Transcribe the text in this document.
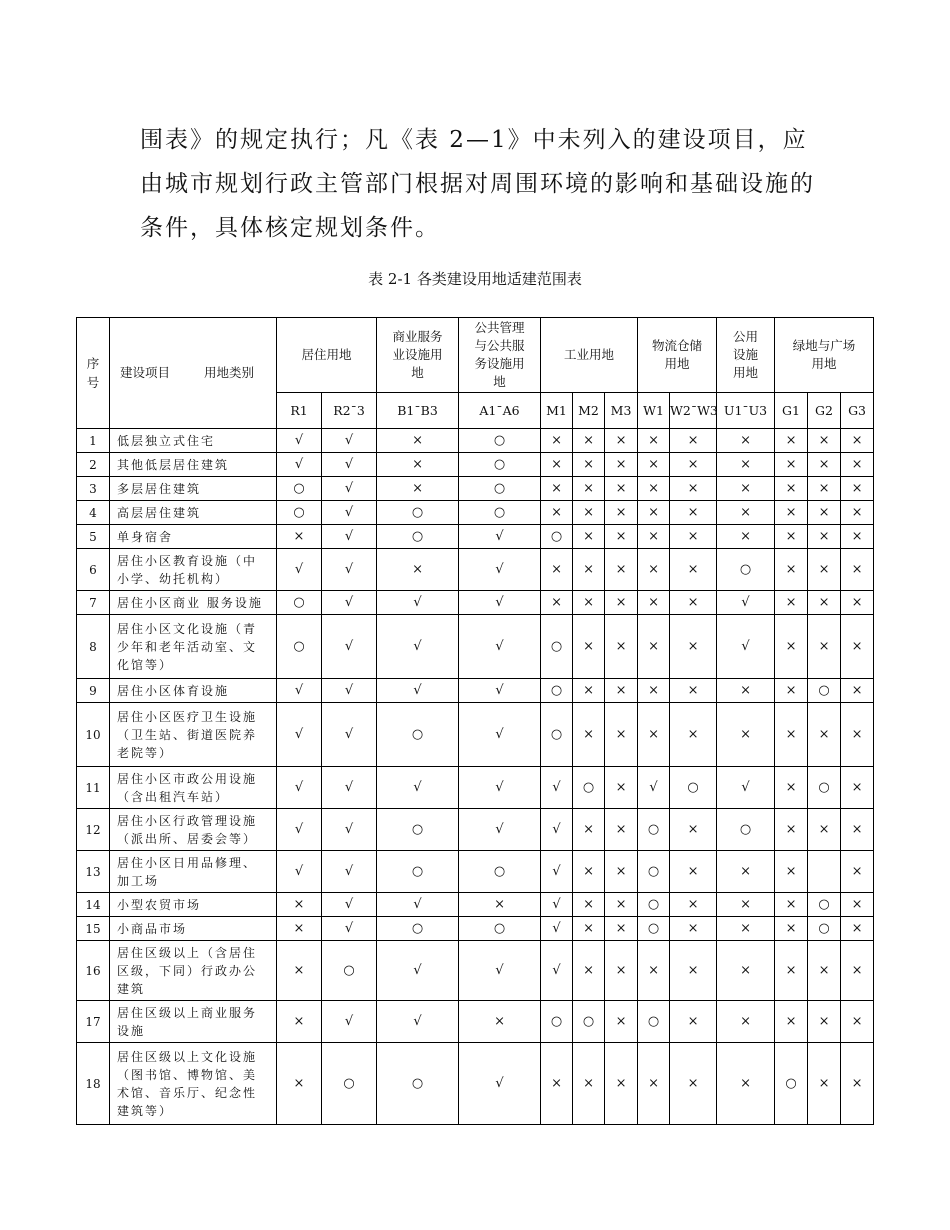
围表》的规定执行；凡《表 2—1》中未列入的建设项目，应
由城市规划行政主管部门根据对周围环境的影响和基础设施的
条件，具体核定规划条件。
表 2-1 各类建设用地适建范围表
序号	建设项目 用地类别	居住用地		商业服务业设施用地	公共管理与公共服务设施用地	工业用地			物流仓储用地		公用设施用地	绿地与广场用地		

		R1	R2¯3	B1¯B3	A1¯A6	M1	M2	M3	W1	W2¯W3	U1¯U3	G1	G2	G3
1	低层独立式住宅	√	√	×	○	×	×	×	×	×	×	×	×	×
2	其他低层居住建筑	√	√	×	○	×	×	×	×	×	×	×	×	×
3	多层居住建筑	○	√	×	○	×	×	×	×	×	×	×	×	×
4	高层居住建筑	○	√	○	○	×	×	×	×	×	×	×	×	×
5	单身宿舍	×	√	○	√	○	×	×	×	×	×	×	×	×
6	居住小区教育设施（中小学、幼托机构）	√	√	×	√	×	×	×	×	×	○	×	×	×
7	居住小区商业 服务设施	○	√	√	√	×	×	×	×	×	√	×	×	×
8	居住小区文化设施（青少年和老年活动室、文化馆等）	○	√	√	√	○	×	×	×	×	√	×	×	×
9	居住小区体育设施	√	√	√	√	○	×	×	×	×	×	×	○	×
10	居住小区医疗卫生设施（卫生站、街道医院养老院等）	√	√	○	√	○	×	×	×	×	×	×	×	×
11	居住小区市政公用设施（含出租汽车站）	√	√	√	√	√	○	×	√	○	√	×	○	×
12	居住小区行政管理设施（派出所、居委会等）	√	√	○	√	√	×	×	○	×	○	×	×	×
13	居住小区日用品修理、加工场	√	√	○	○	√	×	×	○	×	×	×		×
14	小型农贸市场	×	√	√	×	√	×	×	○	×	×	×	○	×
15	小商品市场	×	√	○	○	√	×	×	○	×	×	×	○	×
16	居住区级以上（含居住区级，下同）行政办公建筑	×	○	√	√	√	×	×	×	×	×	×	×	×
17	居住区级以上商业服务设施	×	√	√	×	○	○	×	○	×	×	×	×	×
18	居住区级以上文化设施（图书馆、博物馆、美术馆、音乐厅、纪念性建筑等）	×	○	○	√	×	×	×	×	×	×	○	×	×
